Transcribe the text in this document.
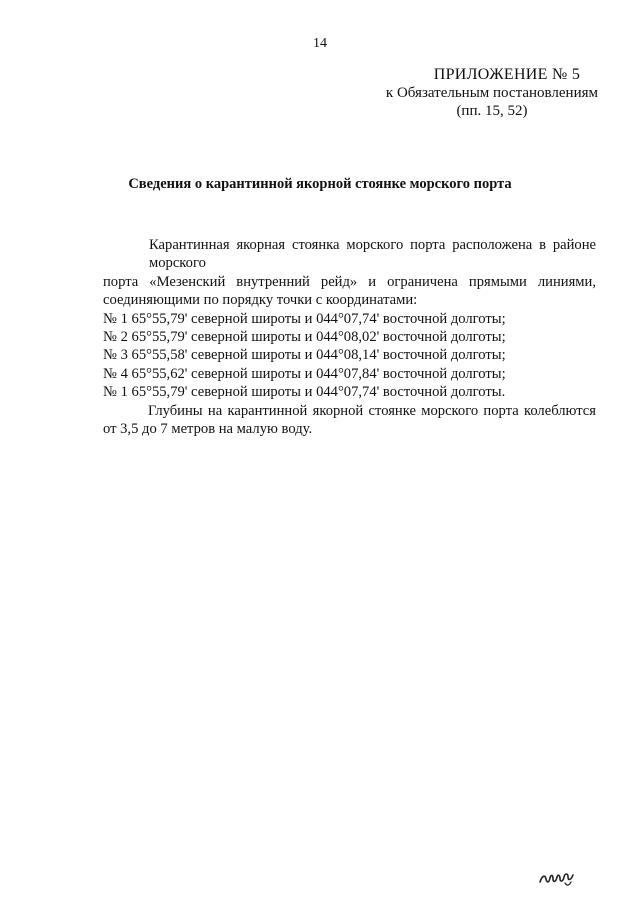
14
ПРИЛОЖЕНИЕ № 5
к Обязательным постановлениям
(пп. 15, 52)
Сведения о карантинной якорной стоянке морского порта

Карантинная якорная стоянка морского порта расположена в районе морского
порта «Мезенский внутренний рейд» и ограничена прямыми линиями, соединяющими по порядку точки с координатами:

№ 1 65°55,79' северной широты и 044°07,74' восточной долготы;
№ 2 65°55,79' северной широты и 044°08,02' восточной долготы;
№ 3 65°55,58' северной широты и 044°08,14' восточной долготы;
№ 4 65°55,62' северной широты и 044°07,84' восточной долготы;
№ 1 65°55,79' северной широты и 044°07,74' восточной долготы.

Глубины на карантинной якорной стоянке морского порта колеблются от 3,5 до 7 метров на малую воду.
